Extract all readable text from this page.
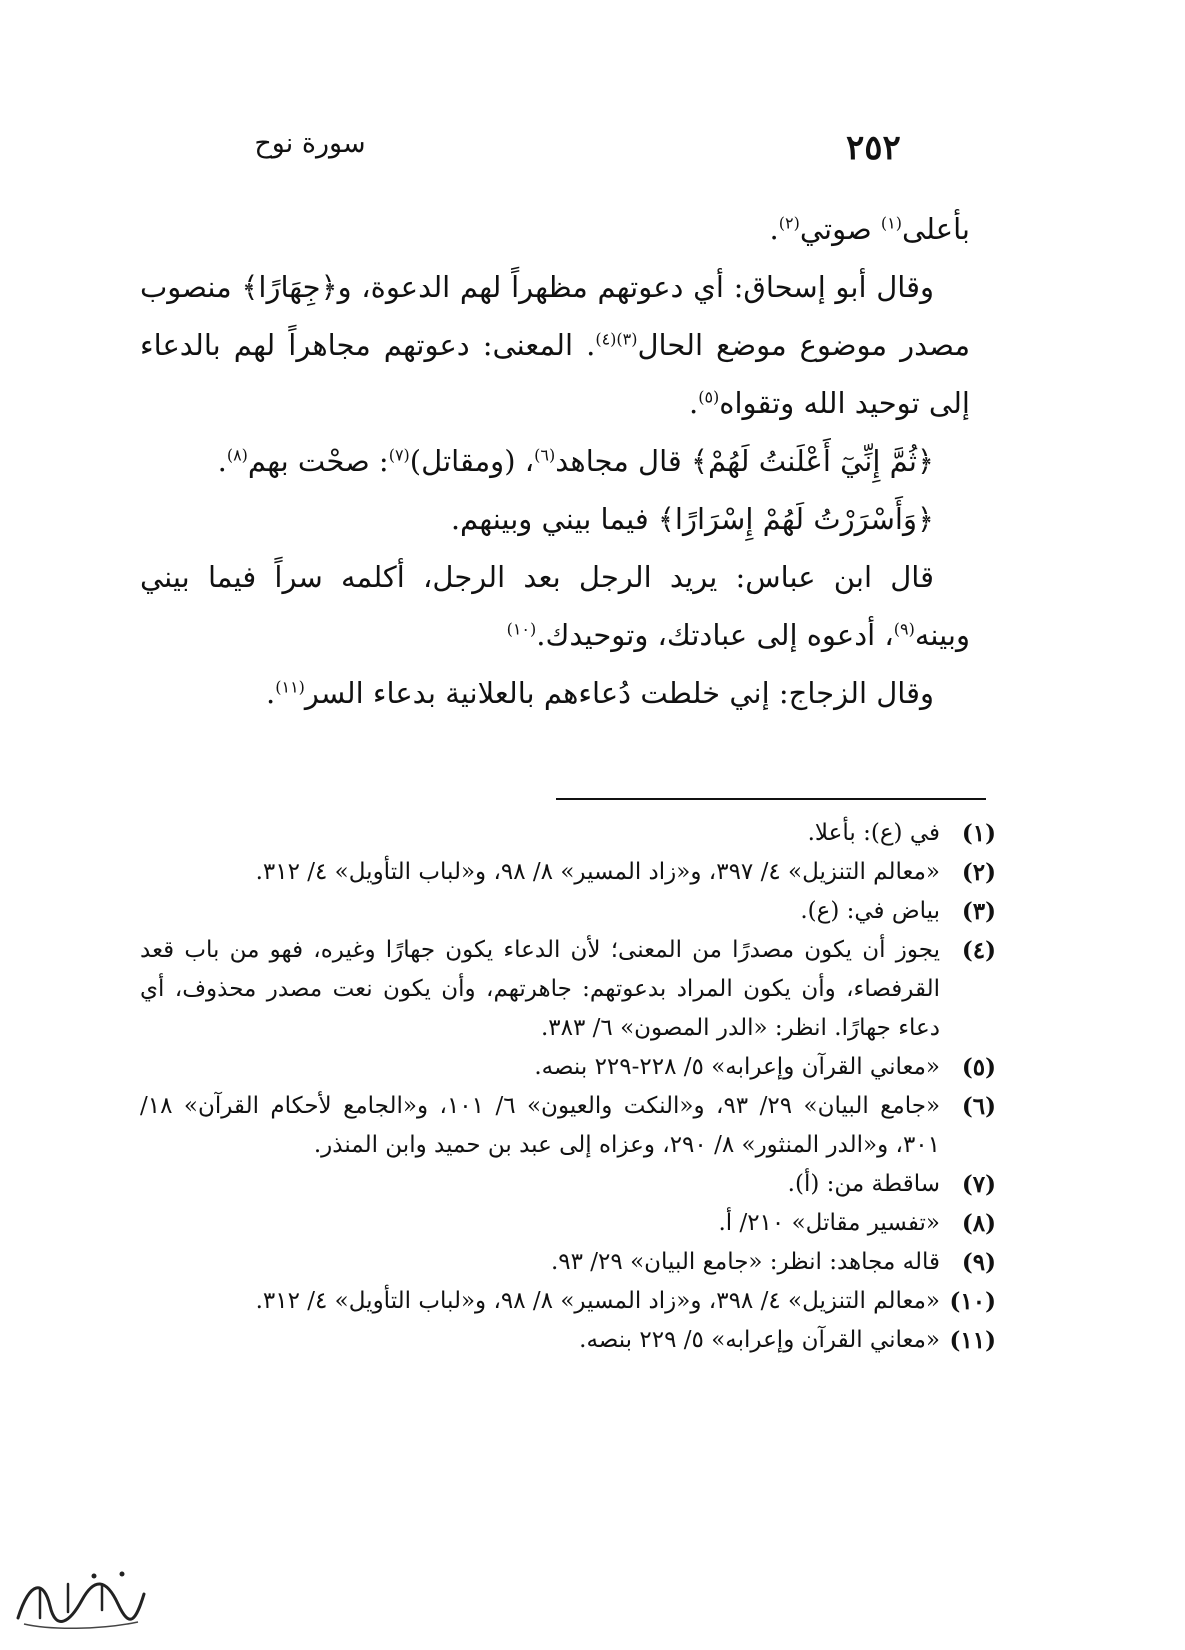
٢٥٢
سورة نوح

بأعلى$^{(١)}$ صوتي$^{(٢)}$.

وقال أبو إسحاق: أي دعوتهم مظهراً لهم الدعوة، و﴿جِهَارًا﴾ منصوب مصدر موضوع موضع الحال$^{(٣)(٤)}$. المعنى: دعوتهم مجاهراً لهم بالدعاء إلى توحيد الله وتقواه$^{(٥)}$.

﴿ثُمَّ إِنِّيٓ أَعْلَنتُ لَهُمْ﴾ قال مجاهد$^{(٦)}$، (ومقاتل)$^{(٧)}$: صحْت بهم$^{(٨)}$.

﴿وَأَسْرَرْتُ لَهُمْ إِسْرَارًا﴾ فيما بيني وبينهم.

قال ابن عباس: يريد الرجل بعد الرجل، أكلمه سراً فيما بيني وبينه$^{(٩)}$، أدعوه إلى عبادتك، وتوحيدك.$^{(١٠)}$

وقال الزجاج: إني خلطت دُعاءهم بالعلانية بدعاء السر$^{(١١)}$.

(١)
في (ع): بأعلا.
(٢)
«معالم التنزيل» ٤/ ٣٩٧، و«زاد المسير» ٨/ ٩٨، و«لباب التأويل» ٤/ ٣١٢.
(٣)
بياض في: (ع).
(٤)
يجوز أن يكون مصدرًا من المعنى؛ لأن الدعاء يكون جهارًا وغيره، فهو من باب قعد القرفصاء، وأن يكون المراد بدعوتهم: جاهرتهم، وأن يكون نعت مصدر محذوف، أي دعاء جهارًا. انظر: «الدر المصون» ٦/ ٣٨٣.
(٥)
«معاني القرآن وإعرابه» ٥/ ٢٢٨-٢٢٩ بنصه.
(٦)
«جامع البيان» ٢٩/ ٩٣، و«النكت والعيون» ٦/ ١٠١، و«الجامع لأحكام القرآن» ١٨/ ٣٠١، و«الدر المنثور» ٨/ ٢٩٠، وعزاه إلى عبد بن حميد وابن المنذر.
(٧)
ساقطة من: (أ).
(٨)
«تفسير مقاتل» ٢١٠/ أ.
(٩)
قاله مجاهد: انظر: «جامع البيان» ٢٩/ ٩٣.
(١٠)
«معالم التنزيل» ٤/ ٣٩٨، و«زاد المسير» ٨/ ٩٨، و«لباب التأويل» ٤/ ٣١٢.
(١١)
«معاني القرآن وإعرابه» ٥/ ٢٢٩ بنصه.
